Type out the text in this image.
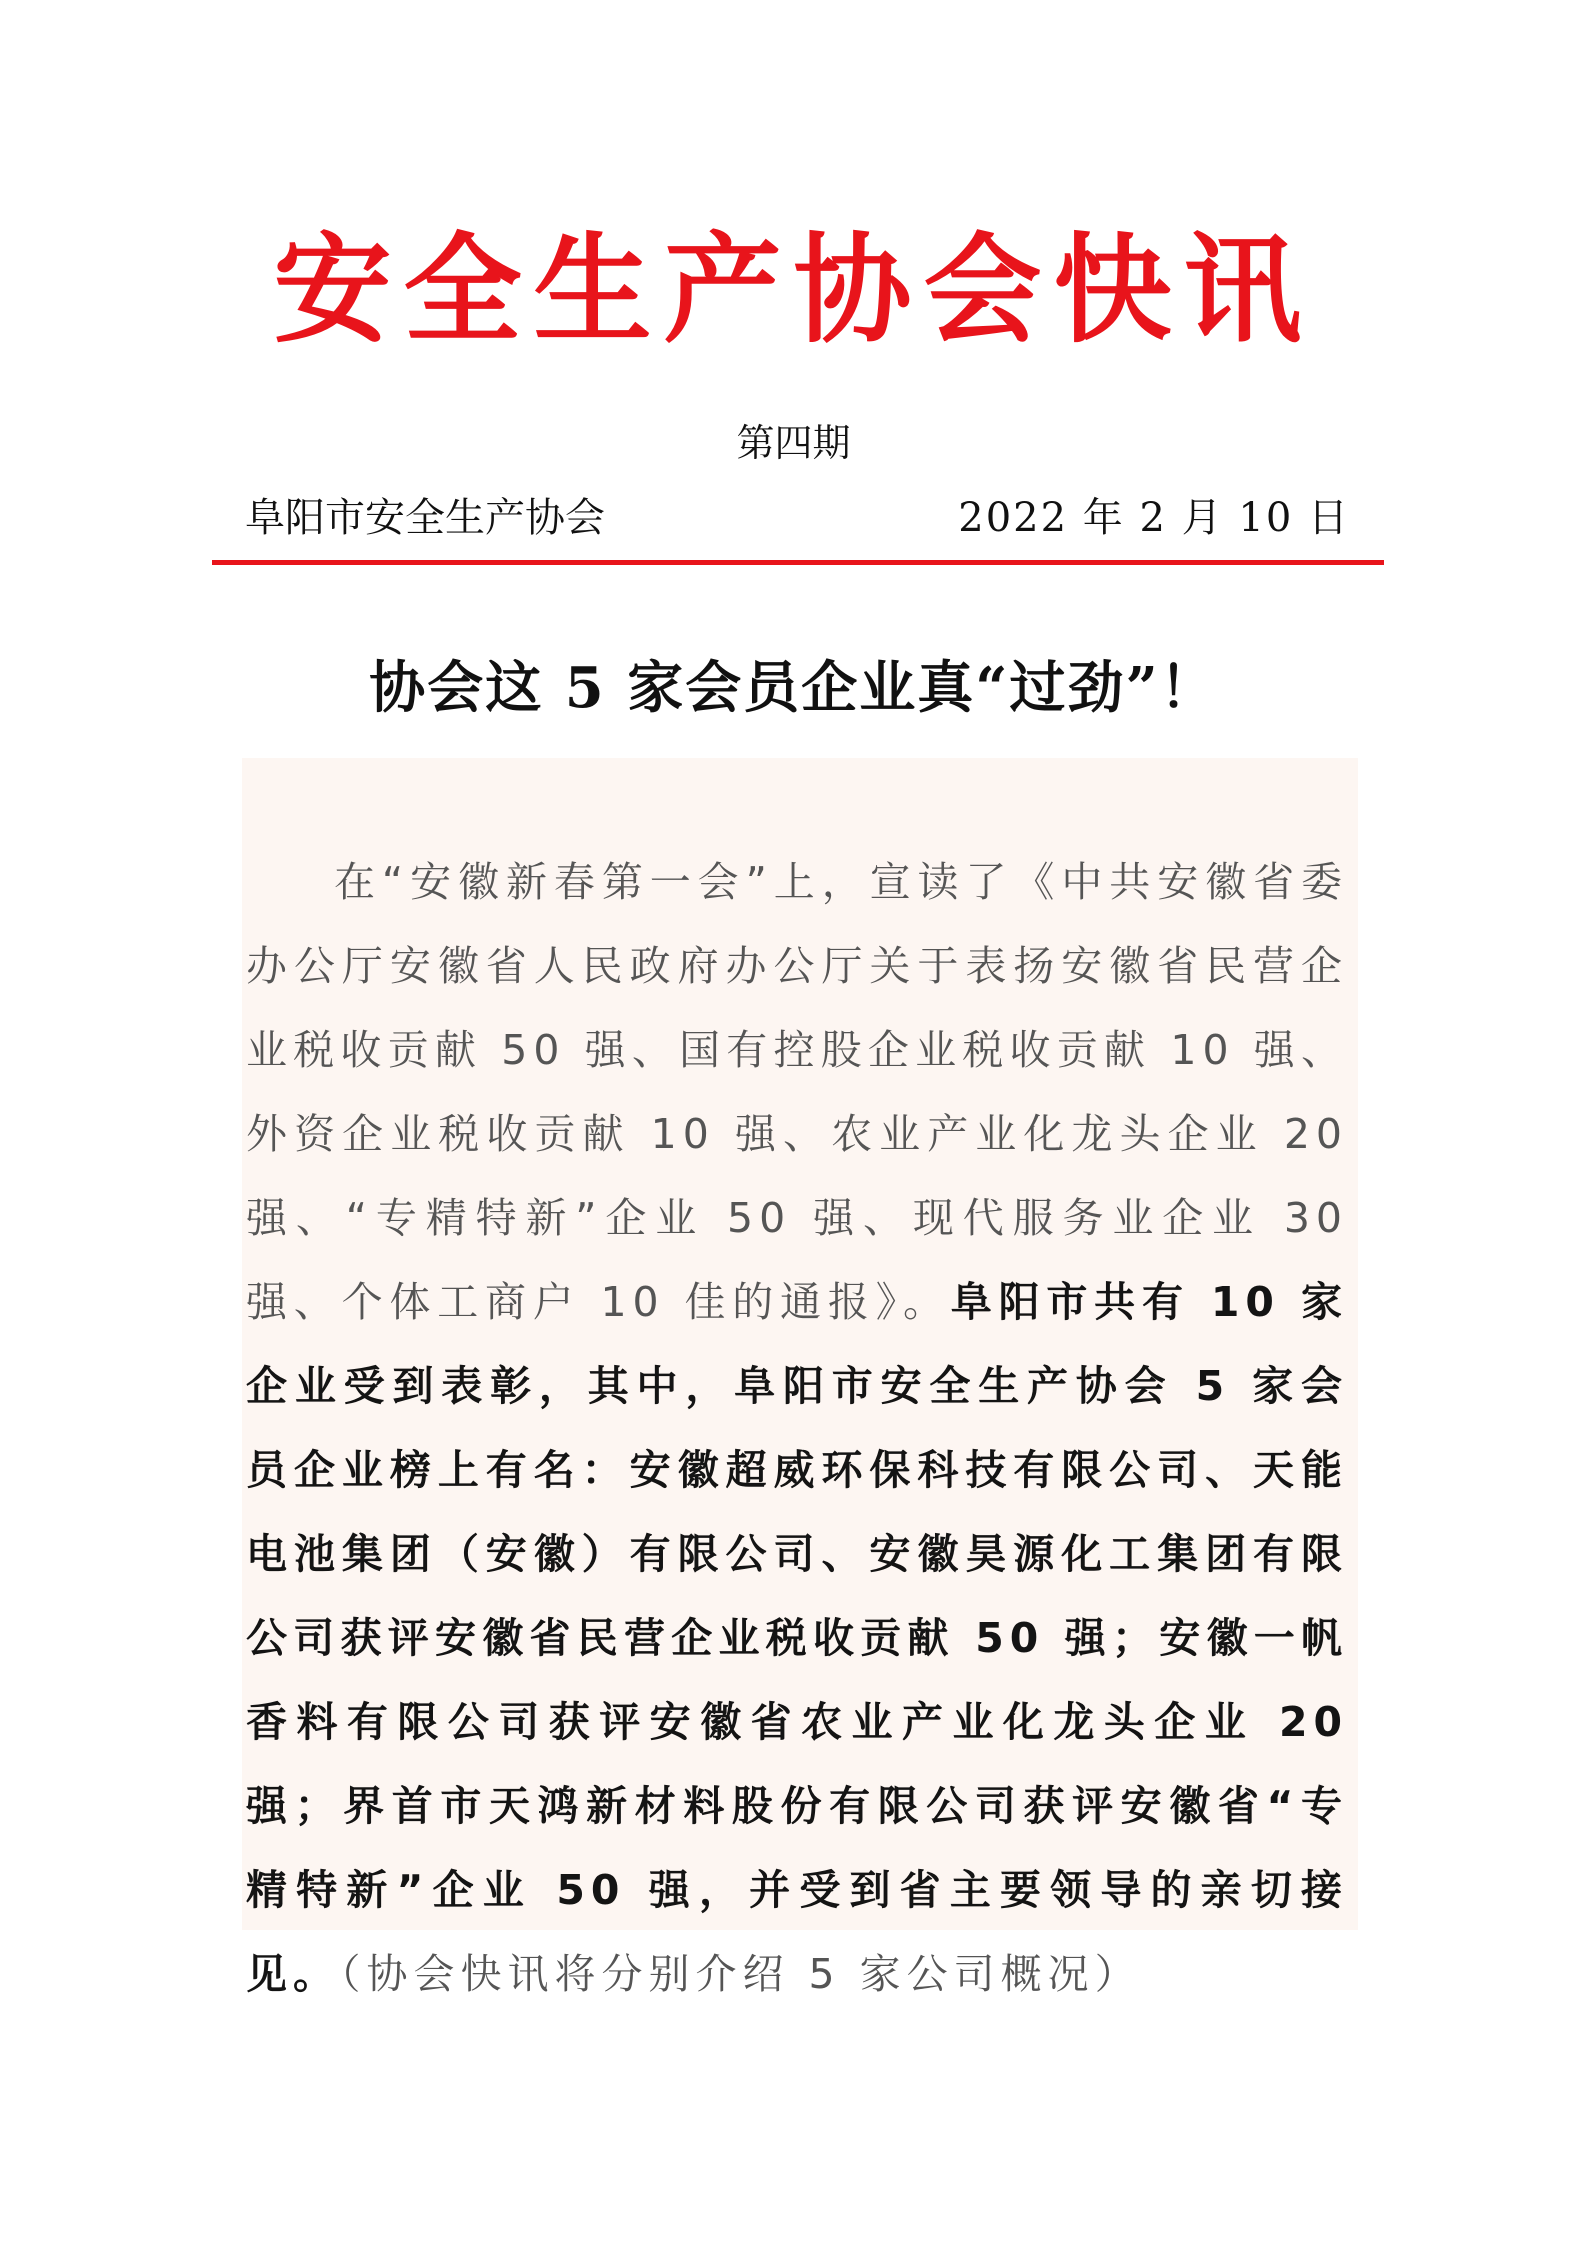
安全生产协会快讯
第四期
阜阳市安全生产协会	2022 年 2 月 10 日
协会这 5 家会员企业真“过劲”！

在“安徽新春第一会”上，宣读了《中共安徽省委办公厅安徽省人民政府办公厅关于表扬安徽省民营企业税收贡献 50 强、国有控股企业税收贡献 10 强、外资企业税收贡献 10 强、农业产业化龙头企业 20 强、“专精特新”企业 50 强、现代服务业企业 30 强、个体工商户 10 佳的通报》。阜阳市共有 10 家企业受到表彰，其中，阜阳市安全生产协会 5 家会员企业榜上有名：安徽超威环保科技有限公司、天能电池集团（安徽）有限公司、安徽昊源化工集团有限公司获评安徽省民营企业税收贡献 50 强；安徽一帆香料有限公司获评安徽省农业产业化龙头企业 20 强；界首市天鸿新材料股份有限公司获评安徽省“专精特新”企业 50 强，并受到省主要领导的亲切接见。（协会快讯将分别介绍 5 家公司概况）
